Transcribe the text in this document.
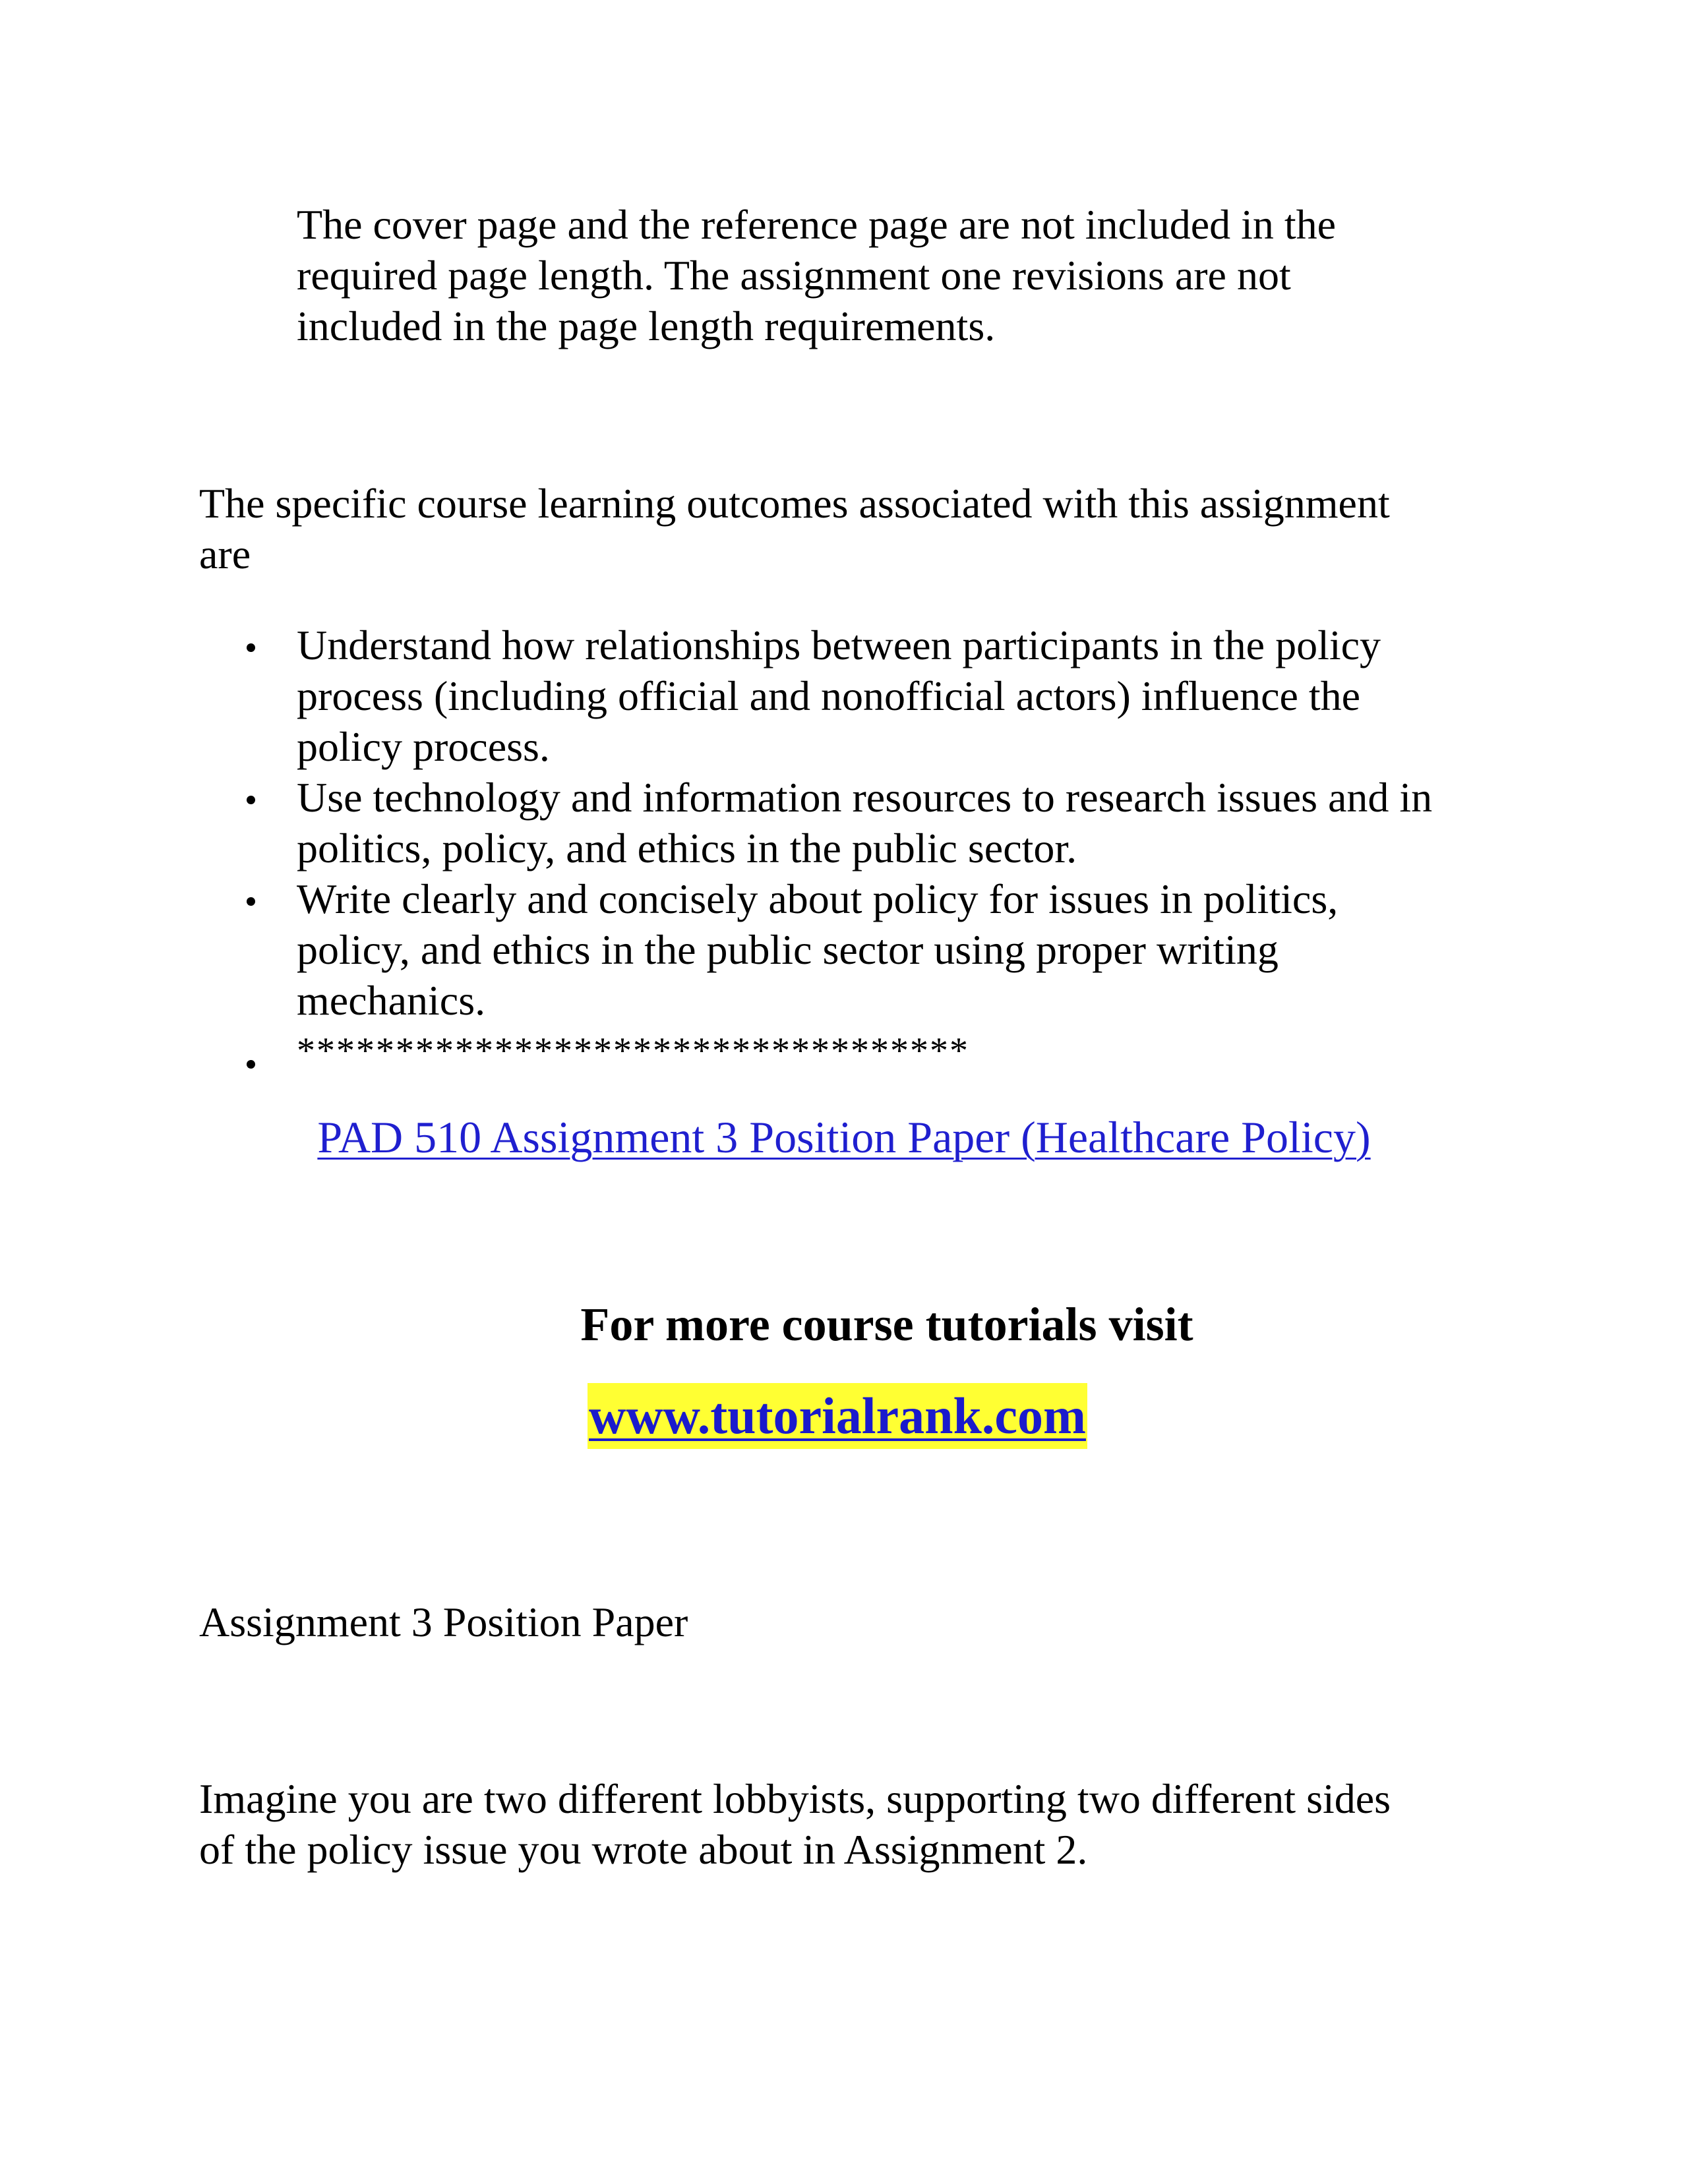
The cover page and the reference page are not included in the
required page length. The assignment one revisions are not
included in the page length requirements.

The specific course learning outcomes associated with this assignment
are

Understand how relationships between participants in the policy
process (including official and nonofficial actors) influence the
policy process.
Use technology and information resources to research issues and in
politics, policy, and ethics in the public sector.
Write clearly and concisely about policy for issues in politics,
policy, and ethics in the public sector using proper writing
mechanics.
**********************************
PAD 510 Assignment 3 Position Paper (Healthcare Policy)
For more course tutorials visit
www.tutorialrank.com

Assignment 3 Position Paper

Imagine you are two different lobbyists, supporting two different sides
of the policy issue you wrote about in Assignment 2.
